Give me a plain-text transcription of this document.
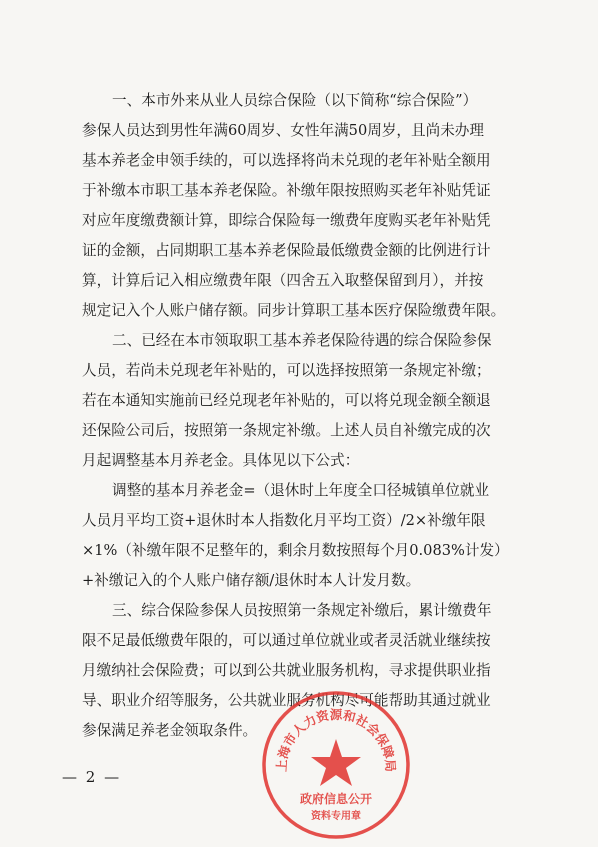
一、本市外来从业人员综合保险（以下简称“综合保险”）
参保人员达到男性年满60周岁、女性年满50周岁，且尚未办理
基本养老金申领手续的，可以选择将尚未兑现的老年补贴全额用
于补缴本市职工基本养老保险。补缴年限按照购买老年补贴凭证
对应年度缴费额计算，即综合保险每一缴费年度购买老年补贴凭
证的金额，占同期职工基本养老保险最低缴费金额的比例进行计
算，计算后记入相应缴费年限（四舍五入取整保留到月），并按
规定记入个人账户储存额。同步计算职工基本医疗保险缴费年限。
二、已经在本市领取职工基本养老保险待遇的综合保险参保
人员，若尚未兑现老年补贴的，可以选择按照第一条规定补缴；
若在本通知实施前已经兑现老年补贴的，可以将兑现金额全额退
还保险公司后，按照第一条规定补缴。上述人员自补缴完成的次
月起调整基本月养老金。具体见以下公式：
调整的基本月养老金=（退休时上年度全口径城镇单位就业
人员月平均工资+退休时本人指数化月平均工资）/2×补缴年限
×1%（补缴年限不足整年的，剩余月数按照每个月0.083%计发）
+补缴记入的个人账户储存额/退休时本人计发月数。
三、综合保险参保人员按照第一条规定补缴后，累计缴费年
限不足最低缴费年限的，可以通过单位就业或者灵活就业继续按
月缴纳社会保险费；可以到公共就业服务机构，寻求提供职业指
导、职业介绍等服务，公共就业服务机构尽可能帮助其通过就业
参保满足养老金领取条件。
— 2 —
上海市人力资源和社会保障局
政府信息公开
资料专用章
